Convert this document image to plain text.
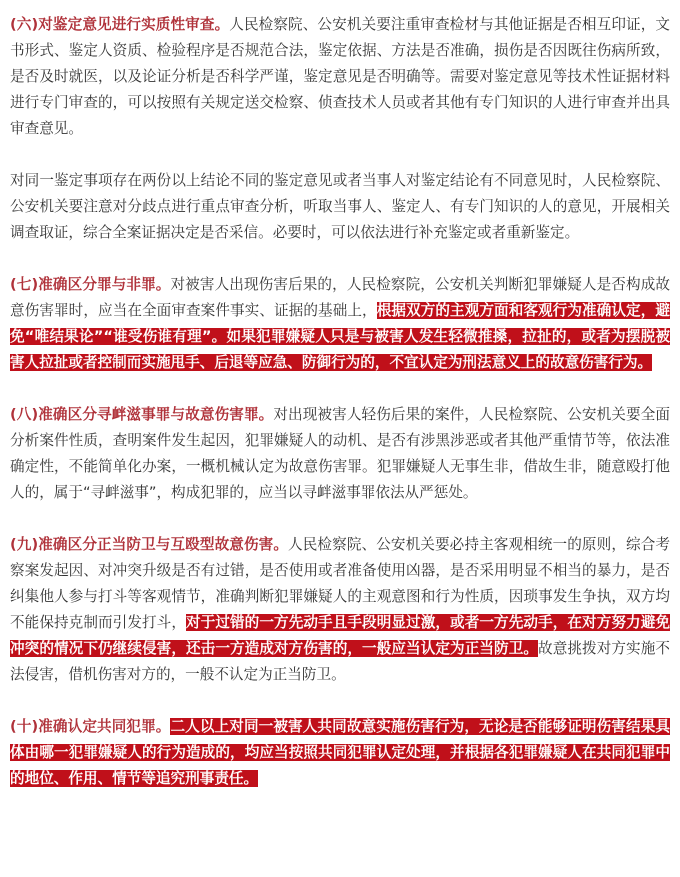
(六)对鉴定意见进行实质性审查。人民检察院、公安机关要注重审查检材与其他证据是否相互印证，文书形式、鉴定人资质、检验程序是否规范合法，鉴定依据、方法是否准确，损伤是否因既往伤病所致，是否及时就医，以及论证分析是否科学严谨，鉴定意见是否明确等。需要对鉴定意见等技术性证据材料进行专门审查的，可以按照有关规定送交检察、侦查技术人员或者其他有专门知识的人进行审查并出具审查意见。

对同一鉴定事项存在两份以上结论不同的鉴定意见或者当事人对鉴定结论有不同意见时，人民检察院、公安机关要注意对分歧点进行重点审查分析，听取当事人、鉴定人、有专门知识的人的意见，开展相关调查取证，综合全案证据决定是否采信。必要时，可以依法进行补充鉴定或者重新鉴定。

(七)准确区分罪与非罪。对被害人出现伤害后果的，人民检察院，公安机关判断犯罪嫌疑人是否构成故意伤害罪时，应当在全面审查案件事实、证据的基础上，根据双方的主观方面和客观行为准确认定，避免“唯结果论”“谁受伤谁有理”。如果犯罪嫌疑人只是与被害人发生轻微推搡，拉扯的，或者为摆脱被害人拉扯或者控制而实施甩手、后退等应急、防御行为的，不宜认定为刑法意义上的故意伤害行为。

(八)准确区分寻衅滋事罪与故意伤害罪。对出现被害人轻伤后果的案件，人民检察院、公安机关要全面分析案件性质，查明案件发生起因，犯罪嫌疑人的动机、是否有涉黑涉恶或者其他严重情节等，依法准确定性，不能简单化办案，一概机械认定为故意伤害罪。犯罪嫌疑人无事生非，借故生非，随意殴打他人的，属于“寻衅滋事”，构成犯罪的，应当以寻衅滋事罪依法从严惩处。

(九)准确区分正当防卫与互殴型故意伤害。人民检察院、公安机关要必持主客观相统一的原则，综合考察案发起因、对冲突升级是否有过错，是否使用或者准备使用凶器，是否采用明显不相当的暴力，是否纠集他人参与打斗等客观情节，准确判断犯罪嫌疑人的主观意图和行为性质，因琐事发生争执，双方均不能保持克制而引发打斗，对于过错的一方先动手且手段明显过激，或者一方先动手，在对方努力避免冲突的情况下仍继续侵害，还击一方造成对方伤害的，一般应当认定为正当防卫。故意挑拨对方实施不法侵害，借机伤害对方的，一般不认定为正当防卫。

(十)准确认定共同犯罪。二人以上对同一被害人共同故意实施伤害行为，无论是否能够证明伤害结果具体由哪一犯罪嫌疑人的行为造成的，均应当按照共同犯罪认定处理，并根据各犯罪嫌疑人在共同犯罪中的地位、作用、情节等追究刑事责任。
